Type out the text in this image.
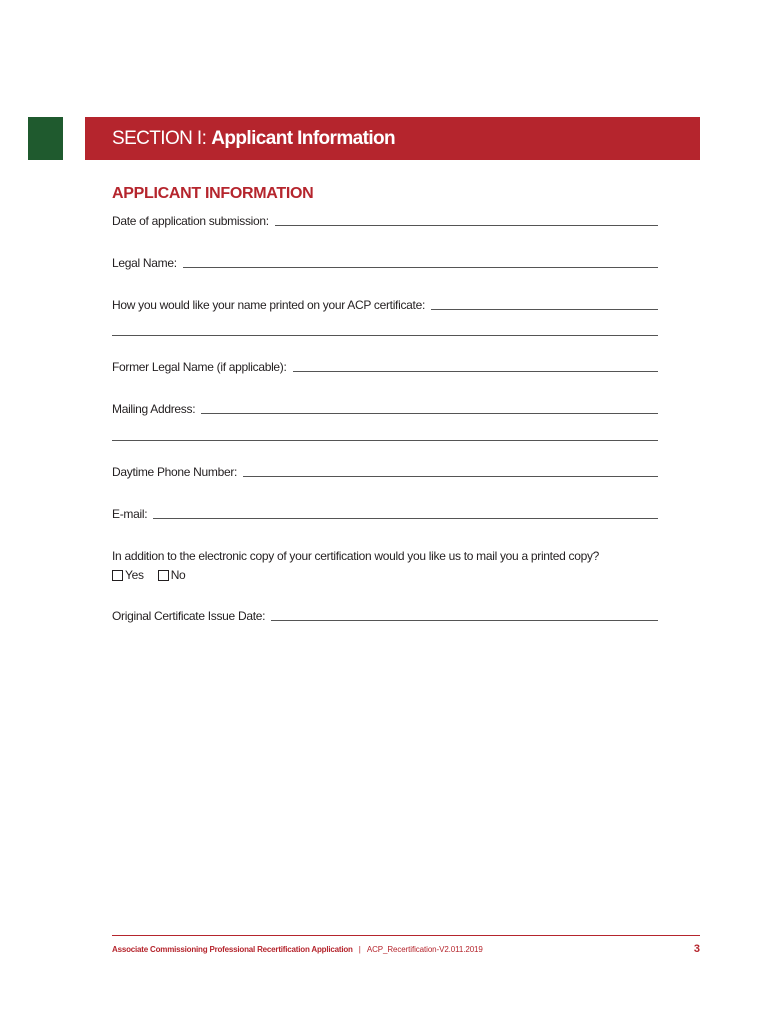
SECTION I: Applicant Information
APPLICANT INFORMATION
Date of application submission:
Legal Name:
How you would like your name printed on your ACP certificate:
Former Legal Name (if applicable):
Mailing Address:
Daytime Phone Number:
E-mail:
In addition to the electronic copy of your certification would you like us to mail you a printed copy?
Yes No
Original Certificate Issue Date:
Associate Commissioning Professional Recertification Application | ACP_Recertification-V2.011.2019	3
